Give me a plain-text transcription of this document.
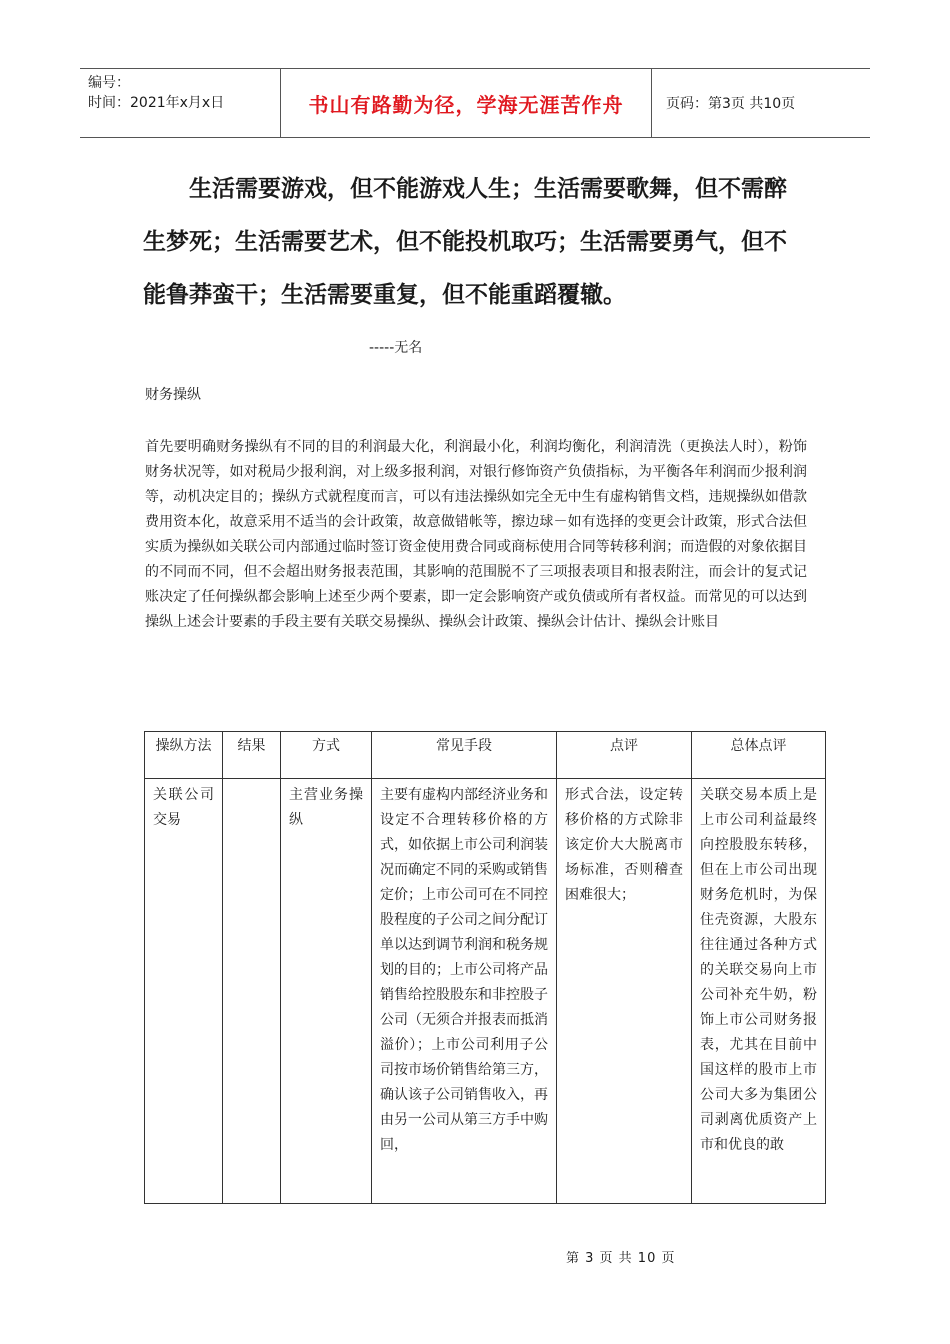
编号：
时间：2021年x月x日	书山有路勤为径，学海无涯苦作舟	页码：第3页 共10页
生活需要游戏，但不能游戏人生；生活需要歌舞，但不需醉生梦死；生活需要艺术，但不能投机取巧；生活需要勇气，但不能鲁莽蛮干；生活需要重复，但不能重蹈覆辙。
-----无名
财务操纵
首先要明确财务操纵有不同的目的利润最大化，利润最小化，利润均衡化，利润清洗（更换法人时），粉饰财务状况等，如对税局少报利润，对上级多报利润，对银行修饰资产负债指标，为平衡各年利润而少报利润等，动机决定目的；操纵方式就程度而言，可以有违法操纵如完全无中生有虚构销售文档，违规操纵如借款费用资本化，故意采用不适当的会计政策，故意做错帐等，擦边球－如有选择的变更会计政策，形式合法但实质为操纵如关联公司内部通过临时签订资金使用费合同或商标使用合同等转移利润；而造假的对象依据目的不同而不同，但不会超出财务报表范围，其影响的范围脱不了三项报表项目和报表附注，而会计的复式记账决定了任何操纵都会影响上述至少两个要素，即一定会影响资产或负债或所有者权益。而常见的可以达到操纵上述会计要素的手段主要有关联交易操纵、操纵会计政策、操纵会计估计、操纵会计账目
操纵方法	结果	方式	常见手段	点评	总体点评
关联公司交易		主营业务操纵	主要有虚构内部经济业务和设定不合理转移价格的方式，如依据上市公司利润装况而确定不同的采购或销售定价；上市公司可在不同控股程度的子公司之间分配订单以达到调节利润和税务规划的目的；上市公司将产品销售给控股股东和非控股子公司（无须合并报表而抵消溢价）；上市公司利用子公司按市场价销售给第三方，确认该子公司销售收入，再由另一公司从第三方手中购回，	形式合法，设定转移价格的方式除非该定价大大脱离市场标准，否则稽查困难很大；	关联交易本质上是上市公司利益最终向控股股东转移，但在上市公司出现财务危机时，为保住壳资源，大股东往往通过各种方式的关联交易向上市公司补充牛奶，粉饰上市公司财务报表，尤其在目前中国这样的股市上市公司大多为集团公司剥离优质资产上市和优良的敢
第 3 页 共 10 页
